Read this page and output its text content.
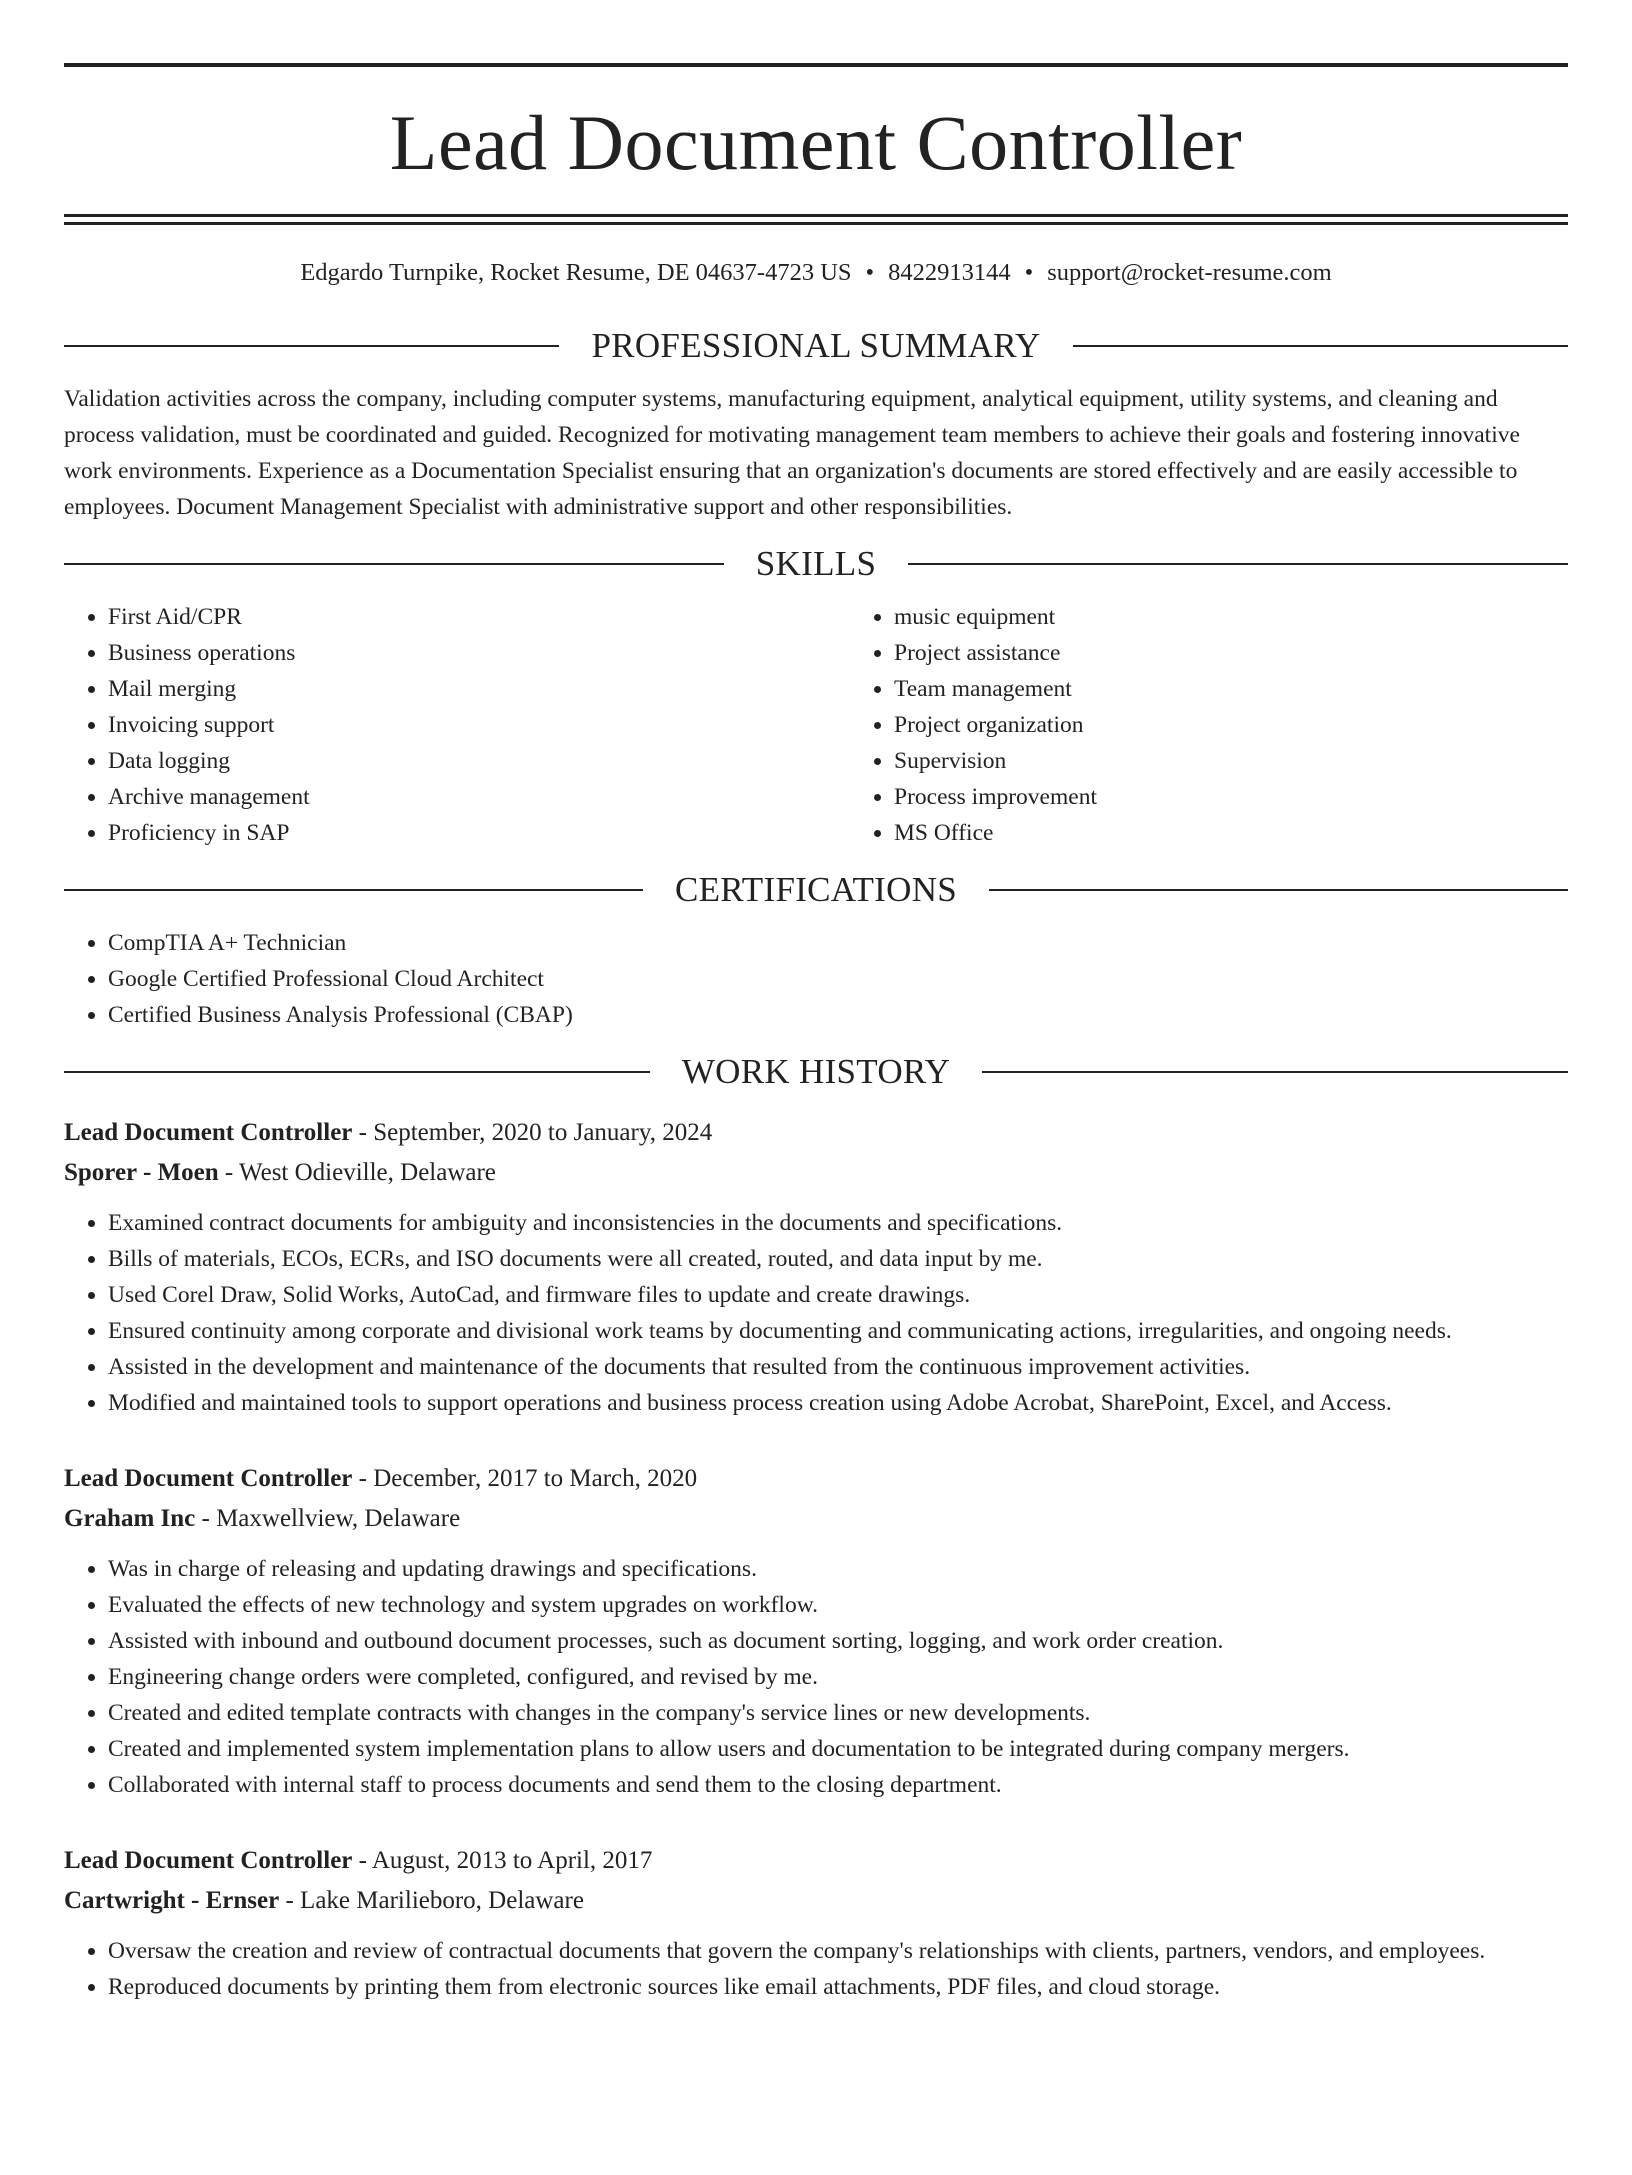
Lead Document Controller
Edgardo Turnpike, Rocket Resume, DE 04637-4723 US • 8422913144 • support@rocket-resume.com
PROFESSIONAL SUMMARY

Validation activities across the company, including computer systems, manufacturing equipment, analytical equipment, utility systems, and cleaning and process validation, must be coordinated and guided. Recognized for motivating management team members to achieve their goals and fostering innovative work environments. Experience as a Documentation Specialist ensuring that an organization's documents are stored effectively and are easily accessible to employees. Document Management Specialist with administrative support and other responsibilities.

SKILLS
• First Aid/CPR
• Business operations
• Mail merging
• Invoicing support
• Data logging
• Archive management
• Proficiency in SAP
• music equipment
• Project assistance
• Team management
• Project organization
• Supervision
• Process improvement
• MS Office
CERTIFICATIONS
• CompTIA A+ Technician
• Google Certified Professional Cloud Architect
• Certified Business Analysis Professional (CBAP)
WORK HISTORY
Lead Document Controller - September, 2020 to January, 2024
Sporer - Moen - West Odieville, Delaware
• Examined contract documents for ambiguity and inconsistencies in the documents and specifications.
• Bills of materials, ECOs, ECRs, and ISO documents were all created, routed, and data input by me.
• Used Corel Draw, Solid Works, AutoCad, and firmware files to update and create drawings.
• Ensured continuity among corporate and divisional work teams by documenting and communicating actions, irregularities, and ongoing needs.
• Assisted in the development and maintenance of the documents that resulted from the continuous improvement activities.
• Modified and maintained tools to support operations and business process creation using Adobe Acrobat, SharePoint, Excel, and Access.
Lead Document Controller - December, 2017 to March, 2020
Graham Inc - Maxwellview, Delaware
• Was in charge of releasing and updating drawings and specifications.
• Evaluated the effects of new technology and system upgrades on workflow.
• Assisted with inbound and outbound document processes, such as document sorting, logging, and work order creation.
• Engineering change orders were completed, configured, and revised by me.
• Created and edited template contracts with changes in the company's service lines or new developments.
• Created and implemented system implementation plans to allow users and documentation to be integrated during company mergers.
• Collaborated with internal staff to process documents and send them to the closing department.
Lead Document Controller - August, 2013 to April, 2017
Cartwright - Ernser - Lake Marilieboro, Delaware
• Oversaw the creation and review of contractual documents that govern the company's relationships with clients, partners, vendors, and employees.
• Reproduced documents by printing them from electronic sources like email attachments, PDF files, and cloud storage.
